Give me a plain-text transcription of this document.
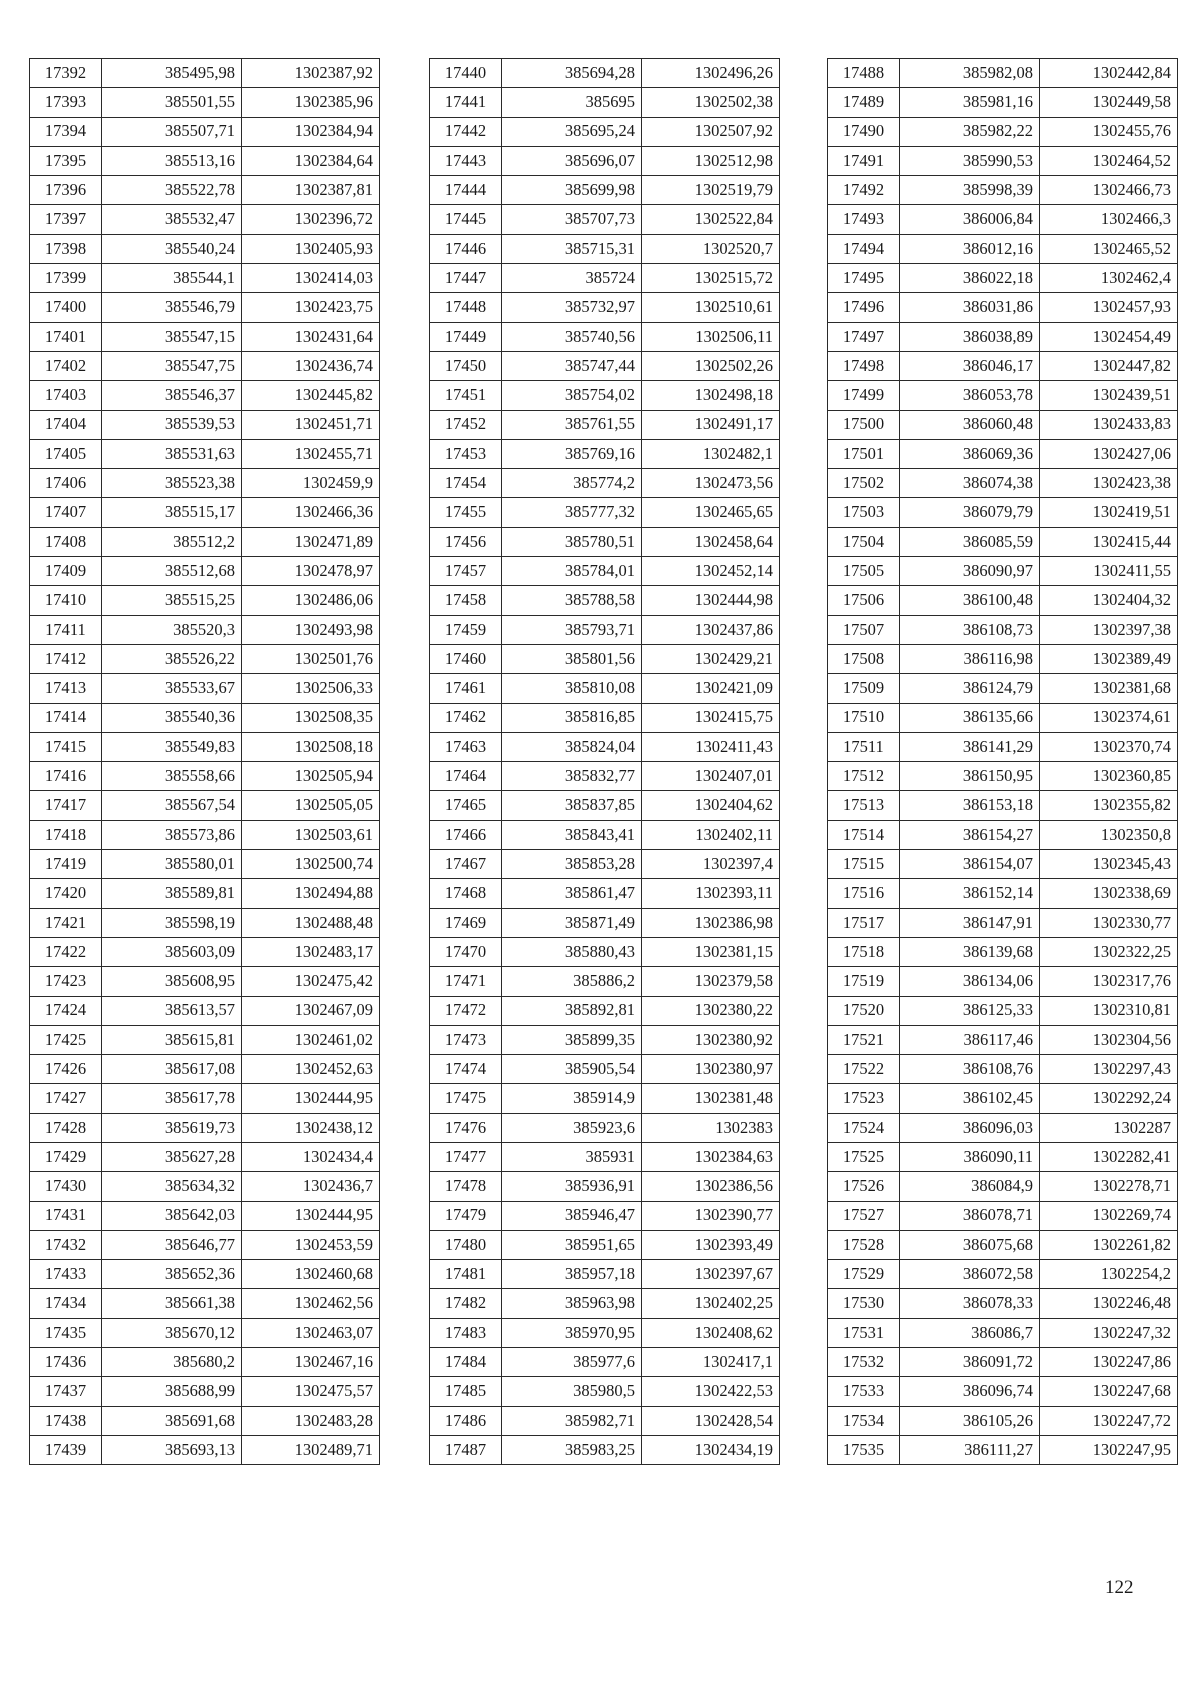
17392	385495,98	1302387,92
17393	385501,55	1302385,96
17394	385507,71	1302384,94
17395	385513,16	1302384,64
17396	385522,78	1302387,81
17397	385532,47	1302396,72
17398	385540,24	1302405,93
17399	385544,1	1302414,03
17400	385546,79	1302423,75
17401	385547,15	1302431,64
17402	385547,75	1302436,74
17403	385546,37	1302445,82
17404	385539,53	1302451,71
17405	385531,63	1302455,71
17406	385523,38	1302459,9
17407	385515,17	1302466,36
17408	385512,2	1302471,89
17409	385512,68	1302478,97
17410	385515,25	1302486,06
17411	385520,3	1302493,98
17412	385526,22	1302501,76
17413	385533,67	1302506,33
17414	385540,36	1302508,35
17415	385549,83	1302508,18
17416	385558,66	1302505,94
17417	385567,54	1302505,05
17418	385573,86	1302503,61
17419	385580,01	1302500,74
17420	385589,81	1302494,88
17421	385598,19	1302488,48
17422	385603,09	1302483,17
17423	385608,95	1302475,42
17424	385613,57	1302467,09
17425	385615,81	1302461,02
17426	385617,08	1302452,63
17427	385617,78	1302444,95
17428	385619,73	1302438,12
17429	385627,28	1302434,4
17430	385634,32	1302436,7
17431	385642,03	1302444,95
17432	385646,77	1302453,59
17433	385652,36	1302460,68
17434	385661,38	1302462,56
17435	385670,12	1302463,07
17436	385680,2	1302467,16
17437	385688,99	1302475,57
17438	385691,68	1302483,28
17439	385693,13	1302489,71
17440	385694,28	1302496,26
17441	385695	1302502,38
17442	385695,24	1302507,92
17443	385696,07	1302512,98
17444	385699,98	1302519,79
17445	385707,73	1302522,84
17446	385715,31	1302520,7
17447	385724	1302515,72
17448	385732,97	1302510,61
17449	385740,56	1302506,11
17450	385747,44	1302502,26
17451	385754,02	1302498,18
17452	385761,55	1302491,17
17453	385769,16	1302482,1
17454	385774,2	1302473,56
17455	385777,32	1302465,65
17456	385780,51	1302458,64
17457	385784,01	1302452,14
17458	385788,58	1302444,98
17459	385793,71	1302437,86
17460	385801,56	1302429,21
17461	385810,08	1302421,09
17462	385816,85	1302415,75
17463	385824,04	1302411,43
17464	385832,77	1302407,01
17465	385837,85	1302404,62
17466	385843,41	1302402,11
17467	385853,28	1302397,4
17468	385861,47	1302393,11
17469	385871,49	1302386,98
17470	385880,43	1302381,15
17471	385886,2	1302379,58
17472	385892,81	1302380,22
17473	385899,35	1302380,92
17474	385905,54	1302380,97
17475	385914,9	1302381,48
17476	385923,6	1302383
17477	385931	1302384,63
17478	385936,91	1302386,56
17479	385946,47	1302390,77
17480	385951,65	1302393,49
17481	385957,18	1302397,67
17482	385963,98	1302402,25
17483	385970,95	1302408,62
17484	385977,6	1302417,1
17485	385980,5	1302422,53
17486	385982,71	1302428,54
17487	385983,25	1302434,19
17488	385982,08	1302442,84
17489	385981,16	1302449,58
17490	385982,22	1302455,76
17491	385990,53	1302464,52
17492	385998,39	1302466,73
17493	386006,84	1302466,3
17494	386012,16	1302465,52
17495	386022,18	1302462,4
17496	386031,86	1302457,93
17497	386038,89	1302454,49
17498	386046,17	1302447,82
17499	386053,78	1302439,51
17500	386060,48	1302433,83
17501	386069,36	1302427,06
17502	386074,38	1302423,38
17503	386079,79	1302419,51
17504	386085,59	1302415,44
17505	386090,97	1302411,55
17506	386100,48	1302404,32
17507	386108,73	1302397,38
17508	386116,98	1302389,49
17509	386124,79	1302381,68
17510	386135,66	1302374,61
17511	386141,29	1302370,74
17512	386150,95	1302360,85
17513	386153,18	1302355,82
17514	386154,27	1302350,8
17515	386154,07	1302345,43
17516	386152,14	1302338,69
17517	386147,91	1302330,77
17518	386139,68	1302322,25
17519	386134,06	1302317,76
17520	386125,33	1302310,81
17521	386117,46	1302304,56
17522	386108,76	1302297,43
17523	386102,45	1302292,24
17524	386096,03	1302287
17525	386090,11	1302282,41
17526	386084,9	1302278,71
17527	386078,71	1302269,74
17528	386075,68	1302261,82
17529	386072,58	1302254,2
17530	386078,33	1302246,48
17531	386086,7	1302247,32
17532	386091,72	1302247,86
17533	386096,74	1302247,68
17534	386105,26	1302247,72
17535	386111,27	1302247,95
122
